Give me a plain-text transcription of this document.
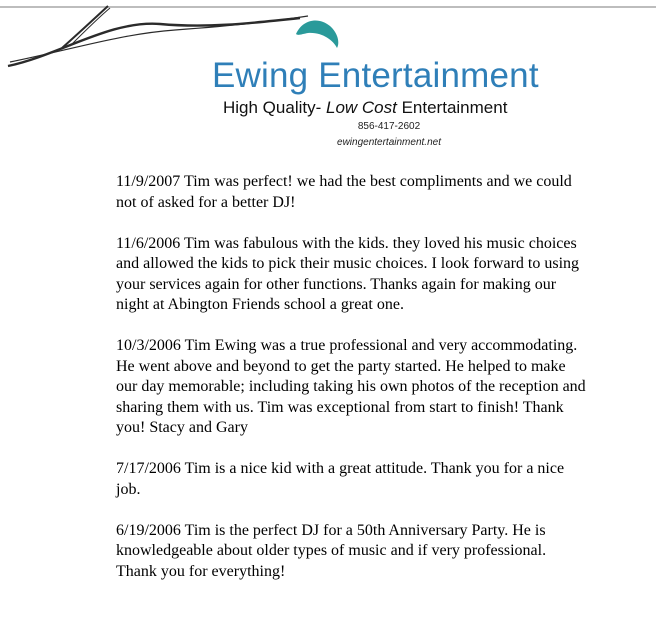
Ewing Entertainment
High Quality- Low Cost Entertainment
856-417-2602
ewingentertainment.net

11/9/2007 Tim was perfect! we had the best compliments and we could not of asked for a better DJ!

11/6/2006 Tim was fabulous with the kids. they loved his music choices and allowed the kids to pick their music choices. I look forward to using your services again for other functions. Thanks again for making our night at Abington Friends school a great one.

10/3/2006 Tim Ewing was a true professional and very accommodating. He went above and beyond to get the party started. He helped to make our day memorable; including taking his own photos of the reception and sharing them with us. Tim was exceptional from start to finish! Thank you! Stacy and Gary

7/17/2006 Tim is a nice kid with a great attitude. Thank you for a nice job.

6/19/2006 Tim is the perfect DJ for a 50th Anniversary Party. He is knowledgeable about older types of music and if very professional. Thank you for everything!
